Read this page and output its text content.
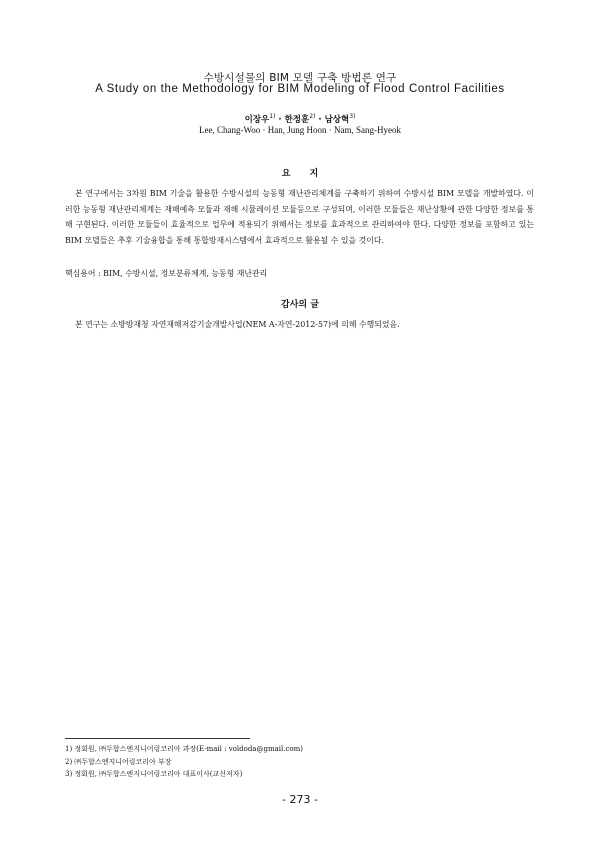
수방시설물의 BIM 모델 구축 방법론 연구
A Study on the Methodology for BIM Modeling of Flood Control Facilities
이장우$^{1)}$ · 한정훈$^{2)}$ · 남상혁$^{3)}$
Lee, Chang-Woo · Han, Jung Hoon · Nam, Sang-Hyeok
요 지
본 연구에서는 3차원 BIM 기술을 활용한 수방시설의 능동형 재난관리체계를 구축하기 위하여 수방시설 BIM 모델을 개발하였다. 이러한 능동형 재난관리체계는 재해예측 모듈과 재해 시뮬레이션 모듈등으로 구성되며, 이러한 모듈들은 재난상황에 관한 다양한 정보를 통해 구현된다. 이러한 모듈들이 효율적으로 업무에 적용되기 위해서는 정보를 효과적으로 관리하여야 한다. 다양한 정보를 포함하고 있는 BIM 모델들은 추후 기술융합을 통해 통합방재시스템에서 효과적으로 활용될 수 있을 것이다.
핵심용어 : BIM, 수방시설, 정보분류체계, 능동형 재난관리
감사의 글
본 연구는 소방방재청 자연재해저감기술개발사업(NEM A-자연-2012-57)에 의해 수행되었음.
1) 정회원, ㈜두합스엔지니어링코리아 과장(E-mail : voldoda@gmail.com)
2) ㈜두합스엔지니어링코리아 부장
3) 정회원, ㈜두합스엔지니어링코리아 대표이사(교신저자)
- 273 -
